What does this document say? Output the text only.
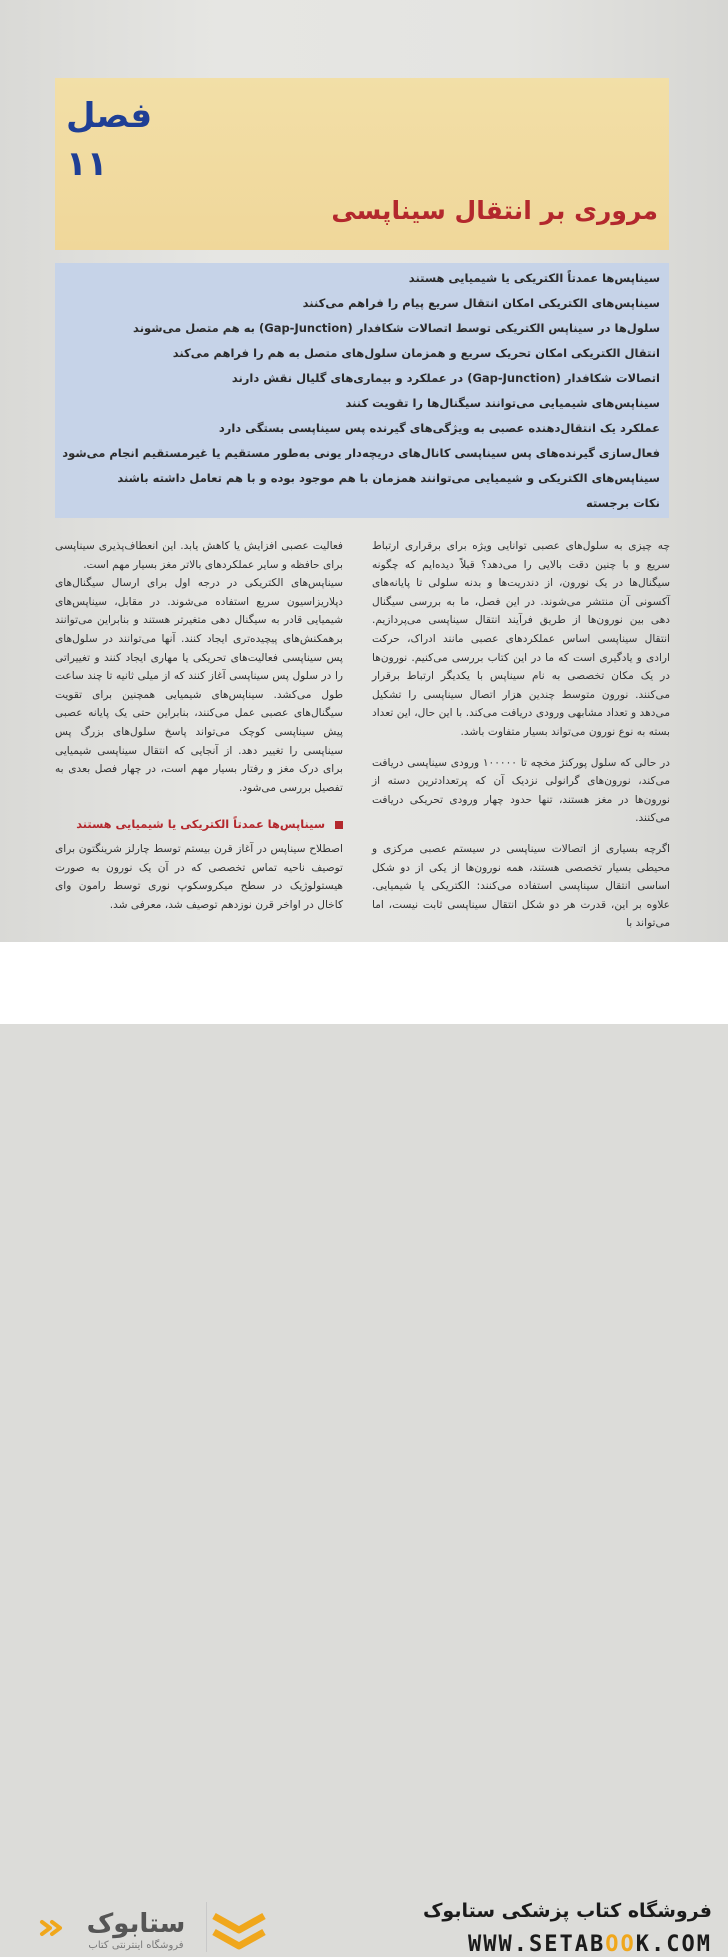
فصل ۱۱
مروری بر انتقال سیناپسی
سیناپس‌ها عمدتاً الکتریکی یا شیمیایی هستند
سیناپس‌های الکتریکی امکان انتقال سریع پیام را فراهم می‌کنند
سلول‌ها در سیناپس الکتریکی توسط اتصالات شکافدار (Gap-Junction) به هم متصل می‌شوند
انتقال الکتریکی امکان تحریک سریع و همزمان سلول‌های متصل به هم را فراهم می‌کند
اتصالات شکافدار (Gap-Junction) در عملکرد و بیماری‌های گلیال نقش دارند
سیناپس‌های شیمیایی می‌توانند سیگنال‌ها را تقویت کنند
عملکرد یک انتقال‌دهنده عصبی به ویژگی‌های گیرنده پس سیناپسی بستگی دارد
فعال‌سازی گیرنده‌های پس سیناپسی کانال‌های دریچه‌دار یونی به‌طور مستقیم یا غیرمستقیم انجام می‌شود
سیناپس‌های الکتریکی و شیمیایی می‌توانند همزمان با هم موجود بوده و با هم تعامل داشته باشند
نکات برجسته

چه چیزی به سلول‌های عصبی توانایی ویژه برای برقراری ارتباط سریع و با چنین دقت بالایی را می‌دهد؟ قبلاً دیده‌ایم که چگونه سیگنال‌ها در یک نورون، از دندریت‌ها و بدنه سلولی تا پایانه‌های آکسونی آن منتشر می‌شوند. در این فصل، ما به بررسی سیگنال دهی بین نورون‌ها از طریق فرآیند انتقال سیناپسی می‌پردازیم. انتقال سیناپسی اساس عملکردهای عصبی مانند ادراک، حرکت ارادی و یادگیری است که ما در این کتاب بررسی می‌کنیم. نورون‌ها در یک مکان تخصصی به نام سیناپس با یکدیگر ارتباط برقرار می‌کنند. نورون متوسط چندین هزار اتصال سیناپسی را تشکیل می‌دهد و تعداد مشابهی ورودی دریافت می‌کند. با این حال، این تعداد بسته به نوع نورون می‌تواند بسیار متفاوت باشد.

در حالی که سلول پورکنژ مخچه تا ۱۰۰۰۰۰ ورودی سیناپسی دریافت می‌کند، نورون‌های گرانولی نزدیک آن که پرتعدادترین دسته از نورون‌ها در مغز هستند، تنها حدود چهار ورودی تحریکی دریافت می‌کنند.

اگرچه بسیاری از اتصالات سیناپسی در سیستم عصبی مرکزی و محیطی بسیار تخصصی هستند، همه نورون‌ها از یکی از دو شکل اساسی انتقال سیناپسی استفاده می‌کنند: الکتریکی یا شیمیایی. علاوه بر این، قدرت هر دو شکل انتقال سیناپسی ثابت نیست، اما می‌تواند با

فعالیت عصبی افزایش یا کاهش یابد. این انعطاف‌پذیری سیناپسی برای حافظه و سایر عملکردهای بالاتر مغز بسیار مهم است.

سیناپس‌های الکتریکی در درجه اول برای ارسال سیگنال‌های دپلاریزاسیون سریع استفاده می‌شوند. در مقابل، سیناپس‌های شیمیایی قادر به سیگنال دهی متغیرتر هستند و بنابراین می‌توانند برهمکنش‌های پیچیده‌تری ایجاد کنند. آنها می‌توانند در سلول‌های پس سیناپسی فعالیت‌های تحریکی یا مهاری ایجاد کنند و تغییراتی را در سلول پس سیناپسی آغاز کنند که از میلی ثانیه تا چند ساعت طول می‌کشد. سیناپس‌های شیمیایی همچنین برای تقویت سیگنال‌های عصبی عمل می‌کنند، بنابراین حتی یک پایانه عصبی پیش سیناپسی کوچک می‌تواند پاسخ سلول‌های بزرگ پس سیناپسی را تغییر دهد. از آنجایی که انتقال سیناپسی شیمیایی برای درک مغز و رفتار بسیار مهم است، در چهار فصل بعدی به تفصیل بررسی می‌شود.

سیناپس‌ها عمدتاً الکتریکی یا شیمیایی هستند

اصطلاح سیناپس در آغاز قرن بیستم توسط چارلز شرینگتون برای توصیف ناحیه تماس تخصصی که در آن یک نورون به صورت هیستولوژیک در سطح میکروسکوپ نوری توسط رامون وای کاخال در اواخر قرن نوزدهم توصیف شد، معرفی شد.

ستابوک
فروشگاه اینترنتی کتاب
فروشگاه کتاب پزشکی ستابوک
WWW.SETABOOK.COM
